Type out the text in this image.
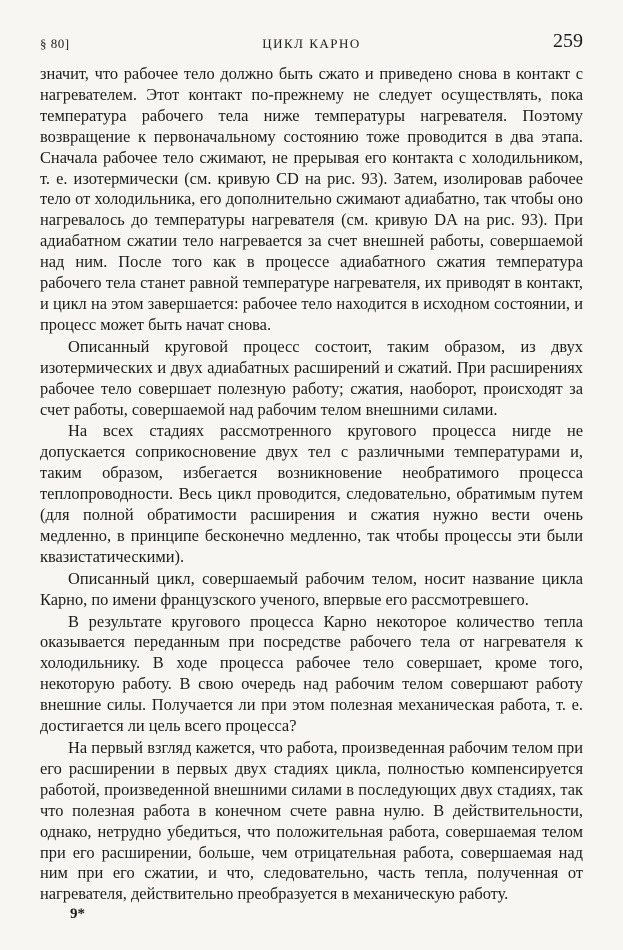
§ 80]	ЦИКЛ КАРНО	259

значит, что рабочее тело должно быть сжато и приведено снова в контакт с нагревателем. Этот контакт по-прежнему не следует осуществлять, пока температура рабочего тела ниже температуры нагревателя. Поэтому возвращение к первоначальному состоянию тоже проводится в два этапа. Сначала рабочее тело сжимают, не прерывая его контакта с холодильником, т. е. изотермически (см. кривую CD на рис. 93). Затем, изолировав рабочее тело от холодильника, его дополнительно сжимают адиабатно, так чтобы оно нагревалось до температуры нагревателя (см. кривую DA на рис. 93). При адиабатном сжатии тело нагревается за счет внешней работы, совершаемой над ним. После того как в процессе адиабатного сжатия температура рабочего тела станет равной температуре нагревателя, их приводят в контакт, и цикл на этом завершается: рабочее тело находится в исходном состоянии, и процесс может быть начат снова.

Описанный круговой процесс состоит, таким образом, из двух изотермических и двух адиабатных расширений и сжатий. При расширениях рабочее тело совершает полезную работу; сжатия, наоборот, происходят за счет работы, совершаемой над рабочим телом внешними силами.

На всех стадиях рассмотренного кругового процесса нигде не допускается соприкосновение двух тел с различными температурами и, таким образом, избегается возникновение необратимого процесса теплопроводности. Весь цикл проводится, следовательно, обратимым путем (для полной обратимости расширения и сжатия нужно вести очень медленно, в принципе бесконечно медленно, так чтобы процессы эти были квазистатическими).

Описанный цикл, совершаемый рабочим телом, носит название цикла Карно, по имени французского ученого, впервые его рассмотревшего.

В результате кругового процесса Карно некоторое количество тепла оказывается переданным при посредстве рабочего тела от нагревателя к холодильнику. В ходе процесса рабочее тело совершает, кроме того, некоторую работу. В свою очередь над рабочим телом совершают работу внешние силы. Получается ли при этом полезная механическая работа, т. е. достигается ли цель всего процесса?

На первый взгляд кажется, что работа, произведенная рабочим телом при его расширении в первых двух стадиях цикла, полностью компенсируется работой, произведенной внешними силами в последующих двух стадиях, так что полезная работа в конечном счете равна нулю. В действительности, однако, нетрудно убедиться, что положительная работа, совершаемая телом при его расширении, больше, чем отрицательная работа, совершаемая над ним при его сжатии, и что, следовательно, часть тепла, полученная от нагревателя, действительно преобразуется в механическую работу.

9*
